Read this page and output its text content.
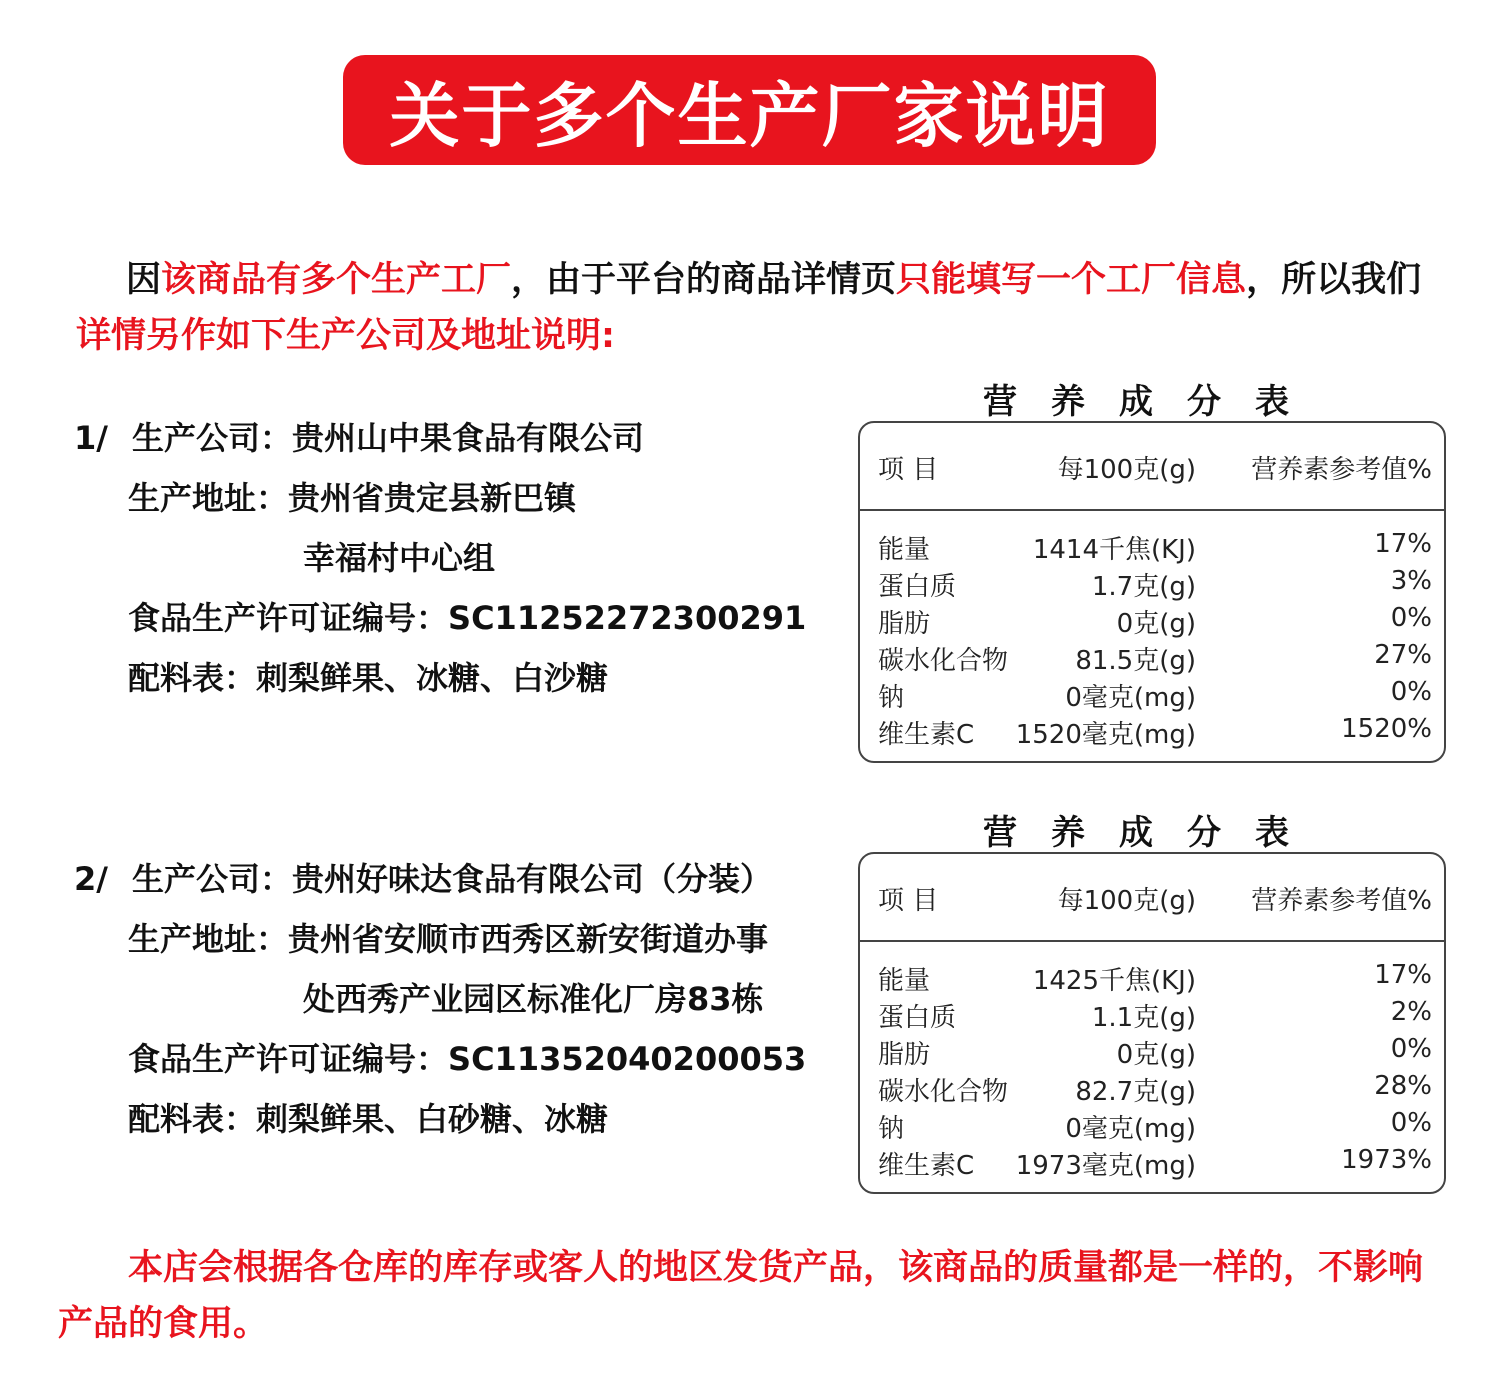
关于多个生产厂家说明
因该商品有多个生产工厂，由于平台的商品详情页只能填写一个工厂信息，所以我们详情另作如下生产公司及地址说明:
1/ 生产公司：贵州山中果食品有限公司
生产地址：贵州省贵定县新巴镇
幸福村中心组
食品生产许可证编号：SC11252272300291
配料表：刺梨鲜果、冰糖、白沙糖
2/ 生产公司：贵州好味达食品有限公司（分装）
生产地址：贵州省安顺市西秀区新安街道办事
处西秀产业园区标准化厂房83栋
食品生产许可证编号：SC11352040200053
配料表：刺梨鲜果、白砂糖、冰糖
营养成分表
项 目	每100克(g) 营养素参考值%
能量	1414千焦(KJ)	17%
蛋白质	1.7克(g)	3%
脂肪	0克(g)	0%
碳水化合物	81.5克(g)	27%
钠	0毫克(mg)	0%
维生素C 1520毫克(mg)	1520%
营养成分表
项 目	每100克(g) 营养素参考值%
能量	1425千焦(KJ)	17%
蛋白质	1.1克(g)	2%
脂肪	0克(g)	0%
碳水化合物	82.7克(g)	28%
钠	0毫克(mg)	0%
维生素C 1973毫克(mg)	1973%
本店会根据各仓库的库存或客人的地区发货产品，该商品的质量都是一样的，不影响产品的食用。
